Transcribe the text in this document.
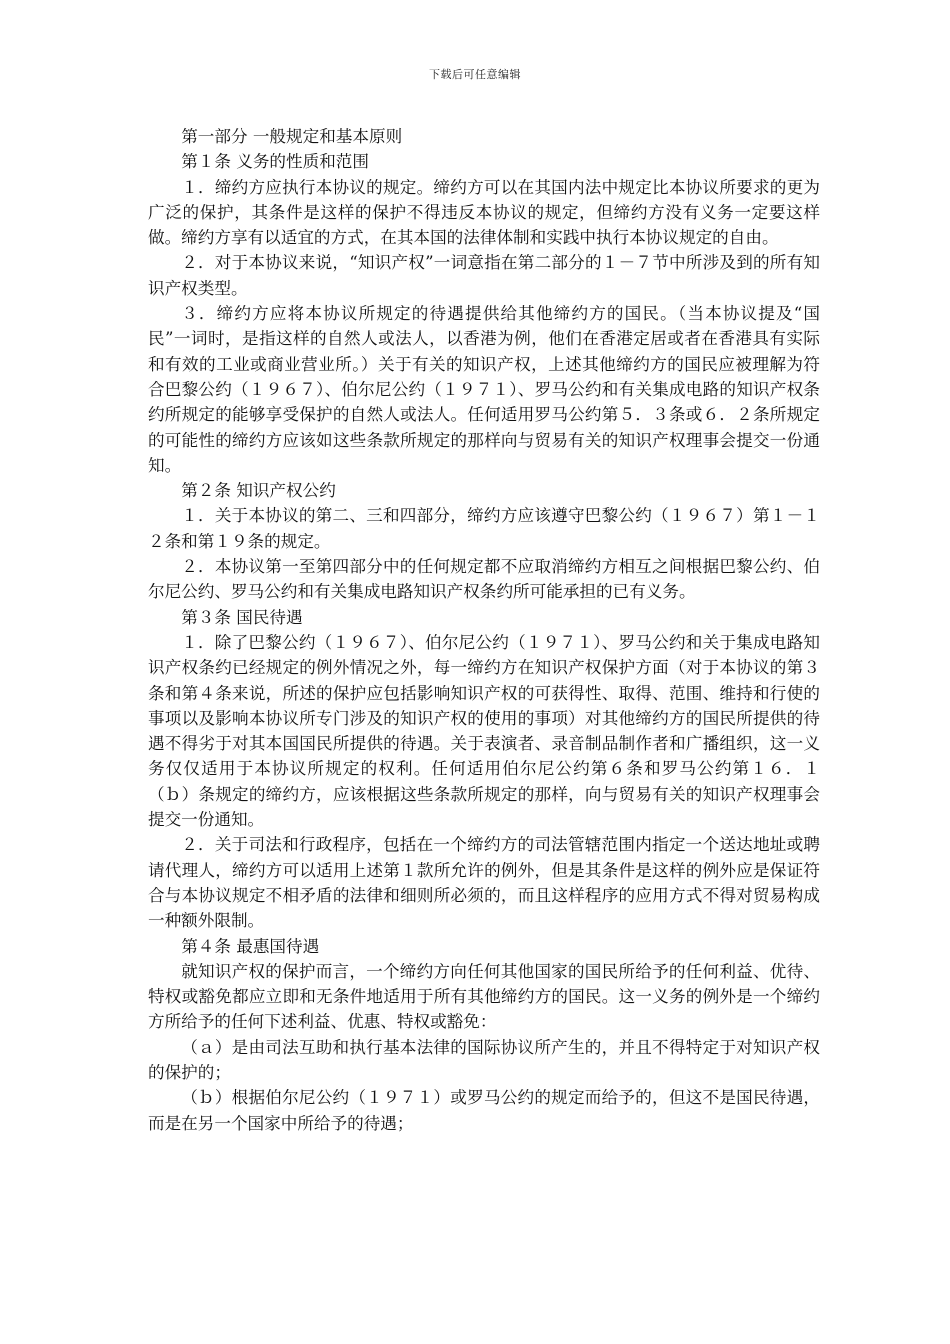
下载后可任意编辑

第一部分 一般规定和基本原则

第１条 义务的性质和范围

１．缔约方应执行本协议的规定。缔约方可以在其国内法中规定比本协议所要求的更为广泛的保护，其条件是这样的保护不得违反本协议的规定，但缔约方没有义务一定要这样做。缔约方享有以适宜的方式，在其本国的法律体制和实践中执行本协议规定的自由。

２．对于本协议来说，“知识产权”一词意指在第二部分的１－７节中所涉及到的所有知识产权类型。

３．缔约方应将本协议所规定的待遇提供给其他缔约方的国民。（当本协议提及“国民”一词时，是指这样的自然人或法人，以香港为例，他们在香港定居或者在香港具有实际和有效的工业或商业营业所。）关于有关的知识产权，上述其他缔约方的国民应被理解为符合巴黎公约（１９６７）、伯尔尼公约（１９７１）、罗马公约和有关集成电路的知识产权条约所规定的能够享受保护的自然人或法人。任何适用罗马公约第５．３条或６．２条所规定的可能性的缔约方应该如这些条款所规定的那样向与贸易有关的知识产权理事会提交一份通知。

第２条 知识产权公约

１．关于本协议的第二、三和四部分，缔约方应该遵守巴黎公约（１９６７）第１－１２条和第１９条的规定。

２．本协议第一至第四部分中的任何规定都不应取消缔约方相互之间根据巴黎公约、伯尔尼公约、罗马公约和有关集成电路知识产权条约所可能承担的已有义务。

第３条 国民待遇

１．除了巴黎公约（１９６７）、伯尔尼公约（１９７１）、罗马公约和关于集成电路知识产权条约已经规定的例外情况之外，每一缔约方在知识产权保护方面（对于本协议的第３条和第４条来说，所述的保护应包括影响知识产权的可获得性、取得、范围、维持和行使的事项以及影响本协议所专门涉及的知识产权的使用的事项）对其他缔约方的国民所提供的待遇不得劣于对其本国国民所提供的待遇。关于表演者、录音制品制作者和广播组织，这一义务仅仅适用于本协议所规定的权利。任何适用伯尔尼公约第６条和罗马公约第１６．１（ｂ）条规定的缔约方，应该根据这些条款所规定的那样，向与贸易有关的知识产权理事会提交一份通知。

２．关于司法和行政程序，包括在一个缔约方的司法管辖范围内指定一个送达地址或聘请代理人，缔约方可以适用上述第１款所允许的例外，但是其条件是这样的例外应是保证符合与本协议规定不相矛盾的法律和细则所必须的，而且这样程序的应用方式不得对贸易构成一种额外限制。

第４条 最惠国待遇

就知识产权的保护而言，一个缔约方向任何其他国家的国民所给予的任何利益、优待、特权或豁免都应立即和无条件地适用于所有其他缔约方的国民。这一义务的例外是一个缔约方所给予的任何下述利益、优惠、特权或豁免：

（ａ）是由司法互助和执行基本法律的国际协议所产生的，并且不得特定于对知识产权的保护的；

（ｂ）根据伯尔尼公约（１９７１）或罗马公约的规定而给予的，但这不是国民待遇，而是在另一个国家中所给予的待遇；
